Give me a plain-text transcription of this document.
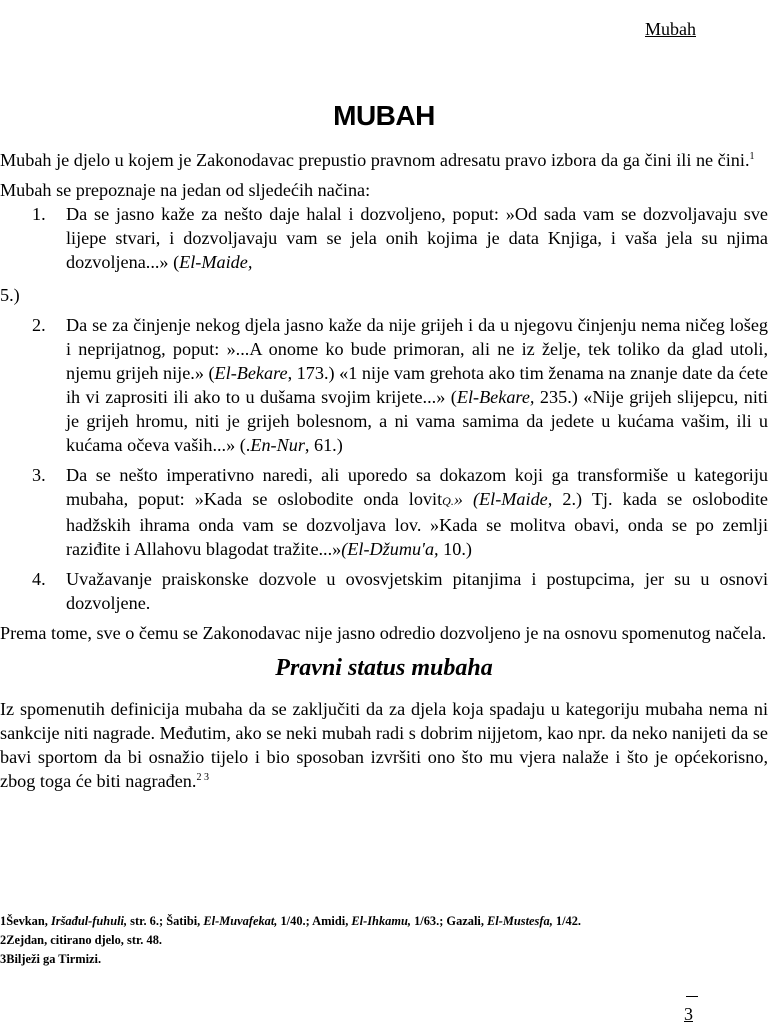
Mubah
MUBAH

Mubah je djelo u kojem je Zakonodavac prepustio pravnom adresatu pravo izbora da ga čini ili ne čini.$^1$

Mubah se prepoznaje na jedan od sljedećih načina:

1. Da se jasno kaže za nešto daje halal i dozvoljeno, poput: »Od sada vam se dozvoljavaju sve lijepe stvari, i dozvoljavaju vam se jela onih kojima je data Knjiga, i vaša jela su njima dozvoljena...» (El-Maide,

5.)

2. Da se za činjenje nekog djela jasno kaže da nije grijeh i da u njegovu činjenju nema ničeg lošeg i neprijatnog, poput: »...A onome ko bude primoran, ali ne iz želje, tek toliko da glad utoli, njemu grijeh nije.» (El-Bekare, 173.) «1 nije vam grehota ako tim ženama na znanje date da ćete ih vi zaprositi ili ako to u dušama svojim krijete...» (El-Bekare, 235.) «Nije grijeh slijepcu, niti je grijeh hromu, niti je grijeh bolesnom, a ni vama samima da jedete u kućama vašim, ili u kućama očeva vaših...» (.En-Nur, 61.)
3. Da se nešto imperativno naredi, ali uporedo sa dokazom koji ga transformiše u kategoriju mubaha, poput: »Kada se oslobodite onda lovitQ.» (El-Maide, 2.) Tj. kada se oslobodite hadžskih ihrama onda vam se dozvoljava lov. »Kada se molitva obavi, onda se po zemlji raziđite i Allahovu blagodat tražite...»(El-Džumu'a, 10.)
4. Uvažavanje praiskonske dozvole u ovosvjetskim pitanjima i postupcima, jer su u osnovi dozvoljene.

Prema tome, sve o čemu se Zakonodavac nije jasno odredio dozvoljeno je na osnovu spomenutog načela.

Pravni status mubaha

Iz spomenutih definicija mubaha da se zaključiti da za djela koja spadaju u kategoriju mubaha nema ni sankcije niti nagrade. Međutim, ako se neki mubah radi s dobrim nijjetom, kao npr. da neko nanijeti da se bavi sportom da bi osnažio tijelo i bio sposoban izvršiti ono što mu vjera nalaže i što je općekorisno, zbog toga će biti nagrađen.$^{2 3}$

1Ševkan, Iršađul-fuhuli, str. 6.; Šatibi, El-Muvafekat, 1/40.; Amidi, El-Ihkamu, 1/63.; Gazali, El-Mustesfa, 1/42.

2Zejdan, citirano djelo, str. 48.

3Bilježi ga Tirmizi.

3
